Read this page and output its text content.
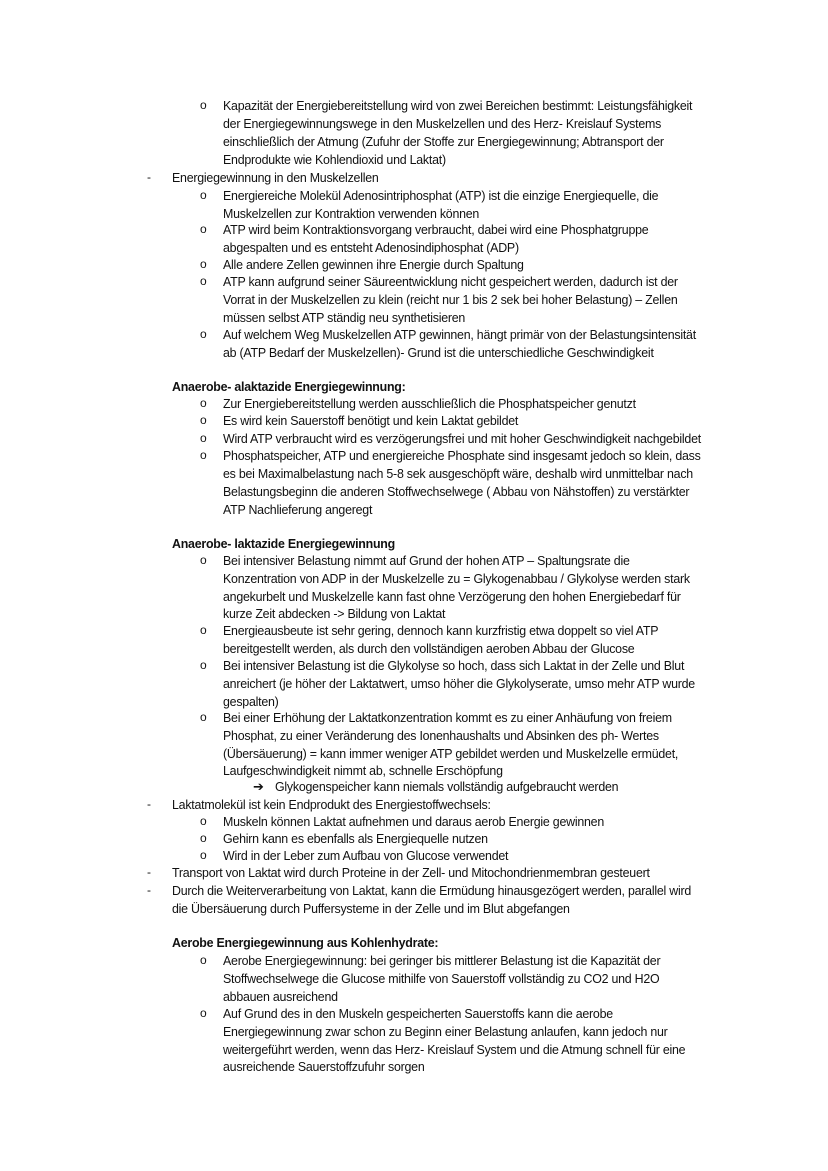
o Kapazität der Energiebereitstellung wird von zwei Bereichen bestimmt: Leistungsfähigkeit
der Energiegewinnungswege in den Muskelzellen und des Herz- Kreislauf Systems
einschließlich der Atmung (Zufuhr der Stoffe zur Energiegewinnung; Abtransport der
Endprodukte wie Kohlendioxid und Laktat)
- Energiegewinnung in den Muskelzellen
o Energiereiche Molekül Adenosintriphosphat (ATP) ist die einzige Energiequelle, die
Muskelzellen zur Kontraktion verwenden können
o ATP wird beim Kontraktionsvorgang verbraucht, dabei wird eine Phosphatgruppe
abgespalten und es entsteht Adenosindiphosphat (ADP)
o Alle andere Zellen gewinnen ihre Energie durch Spaltung
o ATP kann aufgrund seiner Säureentwicklung nicht gespeichert werden, dadurch ist der
Vorrat in der Muskelzellen zu klein (reicht nur 1 bis 2 sek bei hoher Belastung) – Zellen
müssen selbst ATP ständig neu synthetisieren
o Auf welchem Weg Muskelzellen ATP gewinnen, hängt primär von der Belastungsintensität
ab (ATP Bedarf der Muskelzellen)- Grund ist die unterschiedliche Geschwindigkeit
Anaerobe- alaktazide Energiegewinnung:
o Zur Energiebereitstellung werden ausschließlich die Phosphatspeicher genutzt
o Es wird kein Sauerstoff benötigt und kein Laktat gebildet
o Wird ATP verbraucht wird es verzögerungsfrei und mit hoher Geschwindigkeit nachgebildet
o Phosphatspeicher, ATP und energiereiche Phosphate sind insgesamt jedoch so klein, dass
es bei Maximalbelastung nach 5-8 sek ausgeschöpft wäre, deshalb wird unmittelbar nach
Belastungsbeginn die anderen Stoffwechselwege ( Abbau von Nähstoffen) zu verstärkter
ATP Nachlieferung angeregt
Anaerobe- laktazide Energiegewinnung
o Bei intensiver Belastung nimmt auf Grund der hohen ATP – Spaltungsrate die
Konzentration von ADP in der Muskelzelle zu = Glykogenabbau / Glykolyse werden stark
angekurbelt und Muskelzelle kann fast ohne Verzögerung den hohen Energiebedarf für
kurze Zeit abdecken -> Bildung von Laktat
o Energieausbeute ist sehr gering, dennoch kann kurzfristig etwa doppelt so viel ATP
bereitgestellt werden, als durch den vollständigen aeroben Abbau der Glucose
o Bei intensiver Belastung ist die Glykolyse so hoch, dass sich Laktat in der Zelle und Blut
anreichert (je höher der Laktatwert, umso höher die Glykolyserate, umso mehr ATP wurde
gespalten)
o Bei einer Erhöhung der Laktatkonzentration kommt es zu einer Anhäufung von freiem
Phosphat, zu einer Veränderung des Ionenhaushalts und Absinken des ph- Wertes
(Übersäuerung) = kann immer weniger ATP gebildet werden und Muskelzelle ermüdet,
Laufgeschwindigkeit nimmt ab, schnelle Erschöpfung
➔ Glykogenspeicher kann niemals vollständig aufgebraucht werden
- Laktatmolekül ist kein Endprodukt des Energiestoffwechsels:
o Muskeln können Laktat aufnehmen und daraus aerob Energie gewinnen
o Gehirn kann es ebenfalls als Energiequelle nutzen
o Wird in der Leber zum Aufbau von Glucose verwendet
- Transport von Laktat wird durch Proteine in der Zell- und Mitochondrienmembran gesteuert
- Durch die Weiterverarbeitung von Laktat, kann die Ermüdung hinausgezögert werden, parallel wird
die Übersäuerung durch Puffersysteme in der Zelle und im Blut abgefangen
Aerobe Energiegewinnung aus Kohlenhydrate:
o Aerobe Energiegewinnung: bei geringer bis mittlerer Belastung ist die Kapazität der
Stoffwechselwege die Glucose mithilfe von Sauerstoff vollständig zu CO2 und H2O
abbauen ausreichend
o Auf Grund des in den Muskeln gespeicherten Sauerstoffs kann die aerobe
Energiegewinnung zwar schon zu Beginn einer Belastung anlaufen, kann jedoch nur
weitergeführt werden, wenn das Herz- Kreislauf System und die Atmung schnell für eine
ausreichende Sauerstoffzufuhr sorgen
